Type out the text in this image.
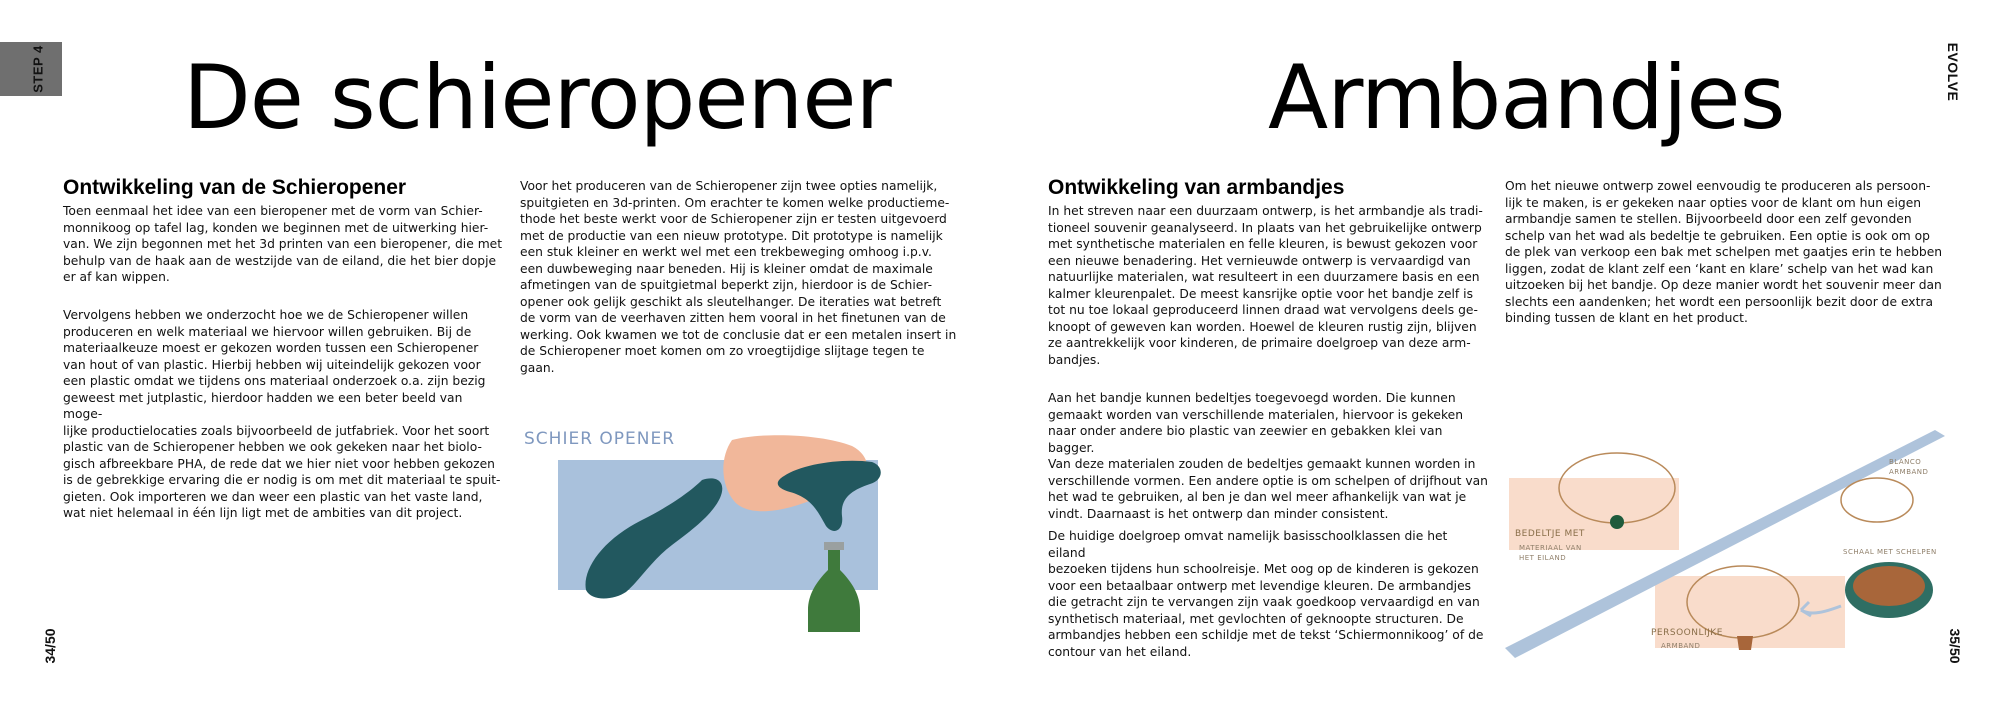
STEP 4 De schieropener
Ontwikkeling van de Schieropener

Toen eenmaal het idee van een bieropener met de vorm van Schier-
monnikoog op tafel lag, konden we beginnen met de uitwerking hier-
van. We zijn begonnen met het 3d printen van een bieropener, die met
behulp van de haak aan de westzijde van de eiland, die het bier dopje
er af kan wippen.

Vervolgens hebben we onderzocht hoe we de Schieropener willen
produceren en welk materiaal we hiervoor willen gebruiken. Bij de
materiaalkeuze moest er gekozen worden tussen een Schieropener
van hout of van plastic. Hierbij hebben wij uiteindelijk gekozen voor
een plastic omdat we tijdens ons materiaal onderzoek o.a. zijn bezig
geweest met jutplastic, hierdoor hadden we een beter beeld van moge-
lijke productielocaties zoals bijvoorbeeld de jutfabriek. Voor het soort
plastic van de Schieropener hebben we ook gekeken naar het biolo-
gisch afbreekbare PHA, de rede dat we hier niet voor hebben gekozen
is de gebrekkige ervaring die er nodig is om met dit materiaal te spuit-
gieten. Ook importeren we dan weer een plastic van het vaste land,
wat niet helemaal in één lijn ligt met de ambities van dit project.

Voor het produceren van de Schieropener zijn twee opties namelijk,
spuitgieten en 3d-printen. Om erachter te komen welke productieme-
thode het beste werkt voor de Schieropener zijn er testen uitgevoerd
met de productie van een nieuw prototype. Dit prototype is namelijk
een stuk kleiner en werkt wel met een trekbeweging omhoog i.p.v.
een duwbeweging naar beneden. Hij is kleiner omdat de maximale
afmetingen van de spuitgietmal beperkt zijn, hierdoor is de Schier-
opener ook gelijk geschikt als sleutelhanger. De iteraties wat betreft
de vorm van de veerhaven zitten hem vooral in het finetunen van de
werking. Ook kwamen we tot de conclusie dat er een metalen insert in
de Schieropener moet komen om zo vroegtijdige slijtage tegen te gaan.

SCHIER OPENER
34/50
Armbandjes
Ontwikkeling van armbandjes

In het streven naar een duurzaam ontwerp, is het armbandje als tradi-
tioneel souvenir geanalyseerd. In plaats van het gebruikelijke ontwerp
met synthetische materialen en felle kleuren, is bewust gekozen voor
een nieuwe benadering. Het vernieuwde ontwerp is vervaardigd van
natuurlijke materialen, wat resulteert in een duurzamere basis en een
kalmer kleurenpalet. De meest kansrijke optie voor het bandje zelf is
tot nu toe lokaal geproduceerd linnen draad wat vervolgens deels ge-
knoopt of geweven kan worden. Hoewel de kleuren rustig zijn, blijven
ze aantrekkelijk voor kinderen, de primaire doelgroep van deze arm-
bandjes.

Aan het bandje kunnen bedeltjes toegevoegd worden. Die kunnen
gemaakt worden van verschillende materialen, hiervoor is gekeken
naar onder andere bio plastic van zeewier en gebakken klei van bagger.
Van deze materialen zouden de bedeltjes gemaakt kunnen worden in
verschillende vormen. Een andere optie is om schelpen of drijfhout van
het wad te gebruiken, al ben je dan wel meer afhankelijk van wat je
vindt. Daarnaast is het ontwerp dan minder consistent.

De huidige doelgroep omvat namelijk basisschoolklassen die het eiland
bezoeken tijdens hun schoolreisje. Met oog op de kinderen is gekozen
voor een betaalbaar ontwerp met levendige kleuren. De armbandjes
die getracht zijn te vervangen zijn vaak goedkoop vervaardigd en van
synthetisch materiaal, met gevlochten of geknoopte structuren. De
armbandjes hebben een schildje met de tekst ‘Schiermonnikoog’ of de
contour van het eiland.

Om het nieuwe ontwerp zowel eenvoudig te produceren als persoon-
lijk te maken, is er gekeken naar opties voor de klant om hun eigen
armbandje samen te stellen. Bijvoorbeeld door een zelf gevonden
schelp van het wad als bedeltje te gebruiken. Een optie is ook om op
de plek van verkoop een bak met schelpen met gaatjes erin te hebben
liggen, zodat de klant zelf een ‘kant en klare’ schelp van het wad kan
uitzoeken bij het bandje. Op deze manier wordt het souvenir meer dan
slechts een aandenken; het wordt een persoonlijk bezit door de extra
binding tussen de klant en het product.

BEDELTJE MET
MATERIAAL VAN
HET EILAND
BLANCO
ARMBAND
SCHAAL MET SCHELPEN
PERSOONLIJKE
ARMBAND
EVOLVE
35/50
